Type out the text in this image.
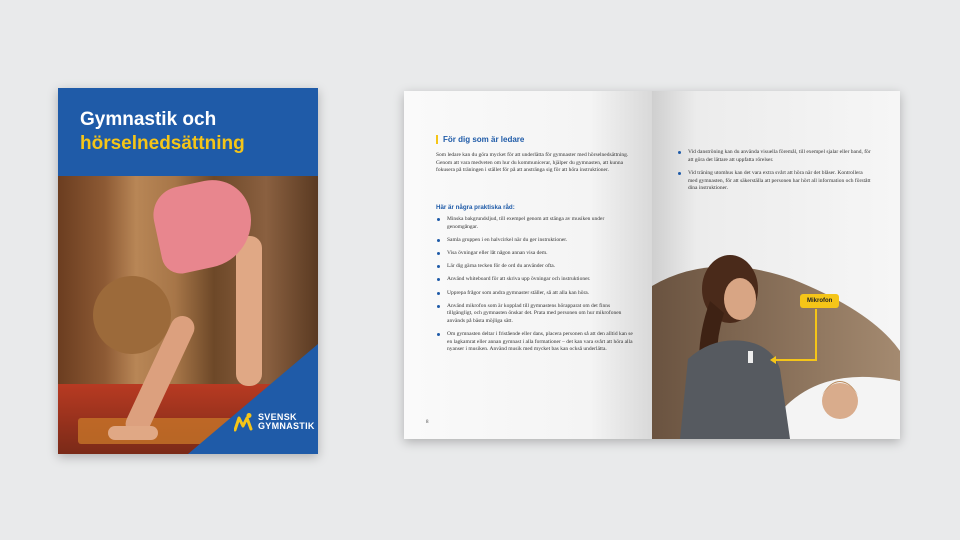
Gymnastik och
hörselnedsättning
SVENSK
GYMNASTIK
För dig som är ledare
Som ledare kan du göra mycket för att underlätta för gymnaster med hörselnedsättning. Genom att vara medveten om hur du kommunicerar, hjälper du gymnasten, att kunna fokusera på träningen i stället för på att anstränga sig för att höra instruktioner.
Här är några praktiska råd:
Minska bakgrundsljud, till exempel genom att stänga av musiken under genomgångar.
Samla gruppen i en halvcirkel när du ger instruktioner.
Visa övningar eller låt någon annan visa dem.
Lär dig gärna tecken för de ord du använder ofta.
Använd whiteboard för att skriva upp övningar och instruktioner.
Upprepa frågor som andra gymnaster ställer, så att alla kan höra.
Använd mikrofon som är kopplad till gymnastens hörapparat om det finns tillgängligt, och gymnasten önskar det. Prata med personen om hur mikrofonen används på bästa möjliga sätt.
Om gymnasten deltar i fristående eller dans, placera personen så att den alltid kan se en lagkamrat eller annan gymnast i alla formationer – det kan vara svårt att höra alla nyanser i musiken. Använd musik med mycket bas kan också underlätta.
8
Vid danströning kan du använda visuella föremål, till exempel sjalar eller band, för att göra det lättare att uppfatta rörelser.
Vid träning utomhus kan det vara extra svårt att höra när det blåser. Kontrollera med gymnasten, för att säkerställa att personen har hört all information och förstått dina instruktioner.
Mikrofon
